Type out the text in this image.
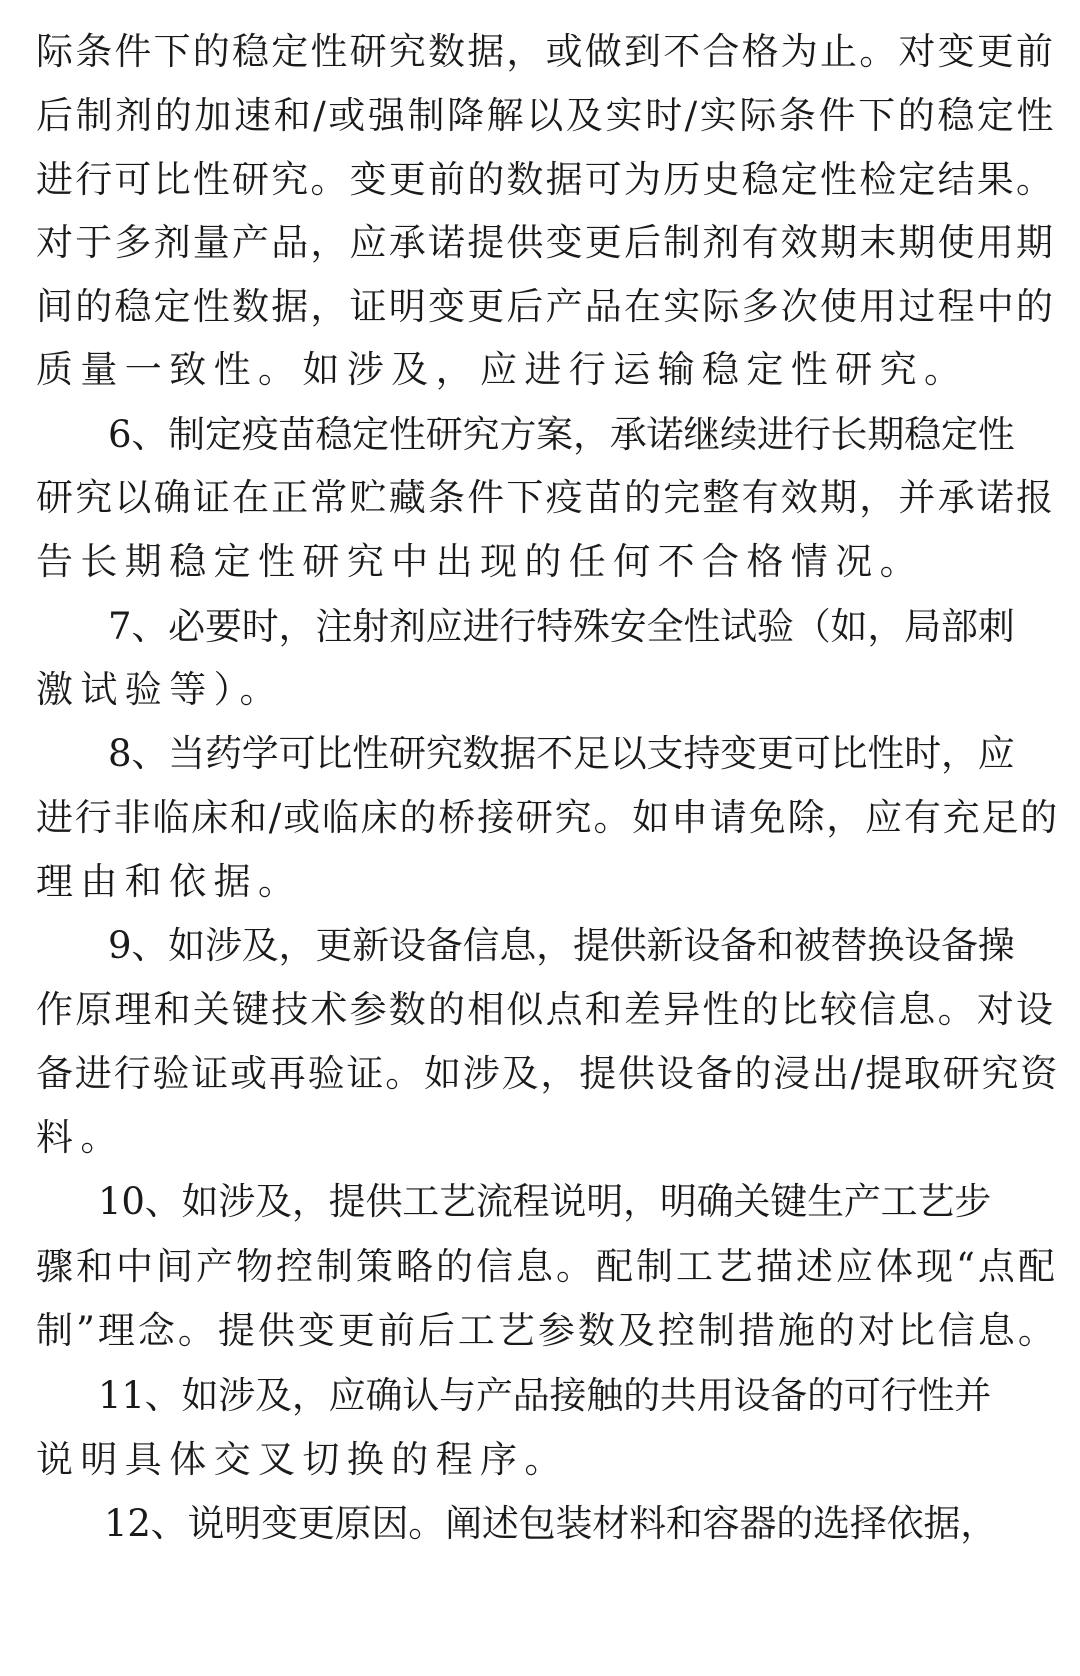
际条件下的稳定性研究数据，或做到不合格为止。对变更前
后制剂的加速和/或强制降解以及实时/实际条件下的稳定性
进行可比性研究。变更前的数据可为历史稳定性检定结果。
对于多剂量产品，应承诺提供变更后制剂有效期末期使用期
间的稳定性数据，证明变更后产品在实际多次使用过程中的
质量一致性。如涉及，应进行运输稳定性研究。
6、制定疫苗稳定性研究方案，承诺继续进行长期稳定性
研究以确证在正常贮藏条件下疫苗的完整有效期，并承诺报
告长期稳定性研究中出现的任何不合格情况。
7、必要时，注射剂应进行特殊安全性试验（如，局部刺
激试验等）。
8、当药学可比性研究数据不足以支持变更可比性时，应
进行非临床和/或临床的桥接研究。如申请免除，应有充足的
理由和依据。
9、如涉及，更新设备信息，提供新设备和被替换设备操
作原理和关键技术参数的相似点和差异性的比较信息。对设
备进行验证或再验证。如涉及，提供设备的浸出/提取研究资
料。
10、如涉及，提供工艺流程说明，明确关键生产工艺步
骤和中间产物控制策略的信息。配制工艺描述应体现“点配
制”理念。提供变更前后工艺参数及控制措施的对比信息。
11、如涉及，应确认与产品接触的共用设备的可行性并
说明具体交叉切换的程序。
12、说明变更原因。阐述包装材料和容器的选择依据，
